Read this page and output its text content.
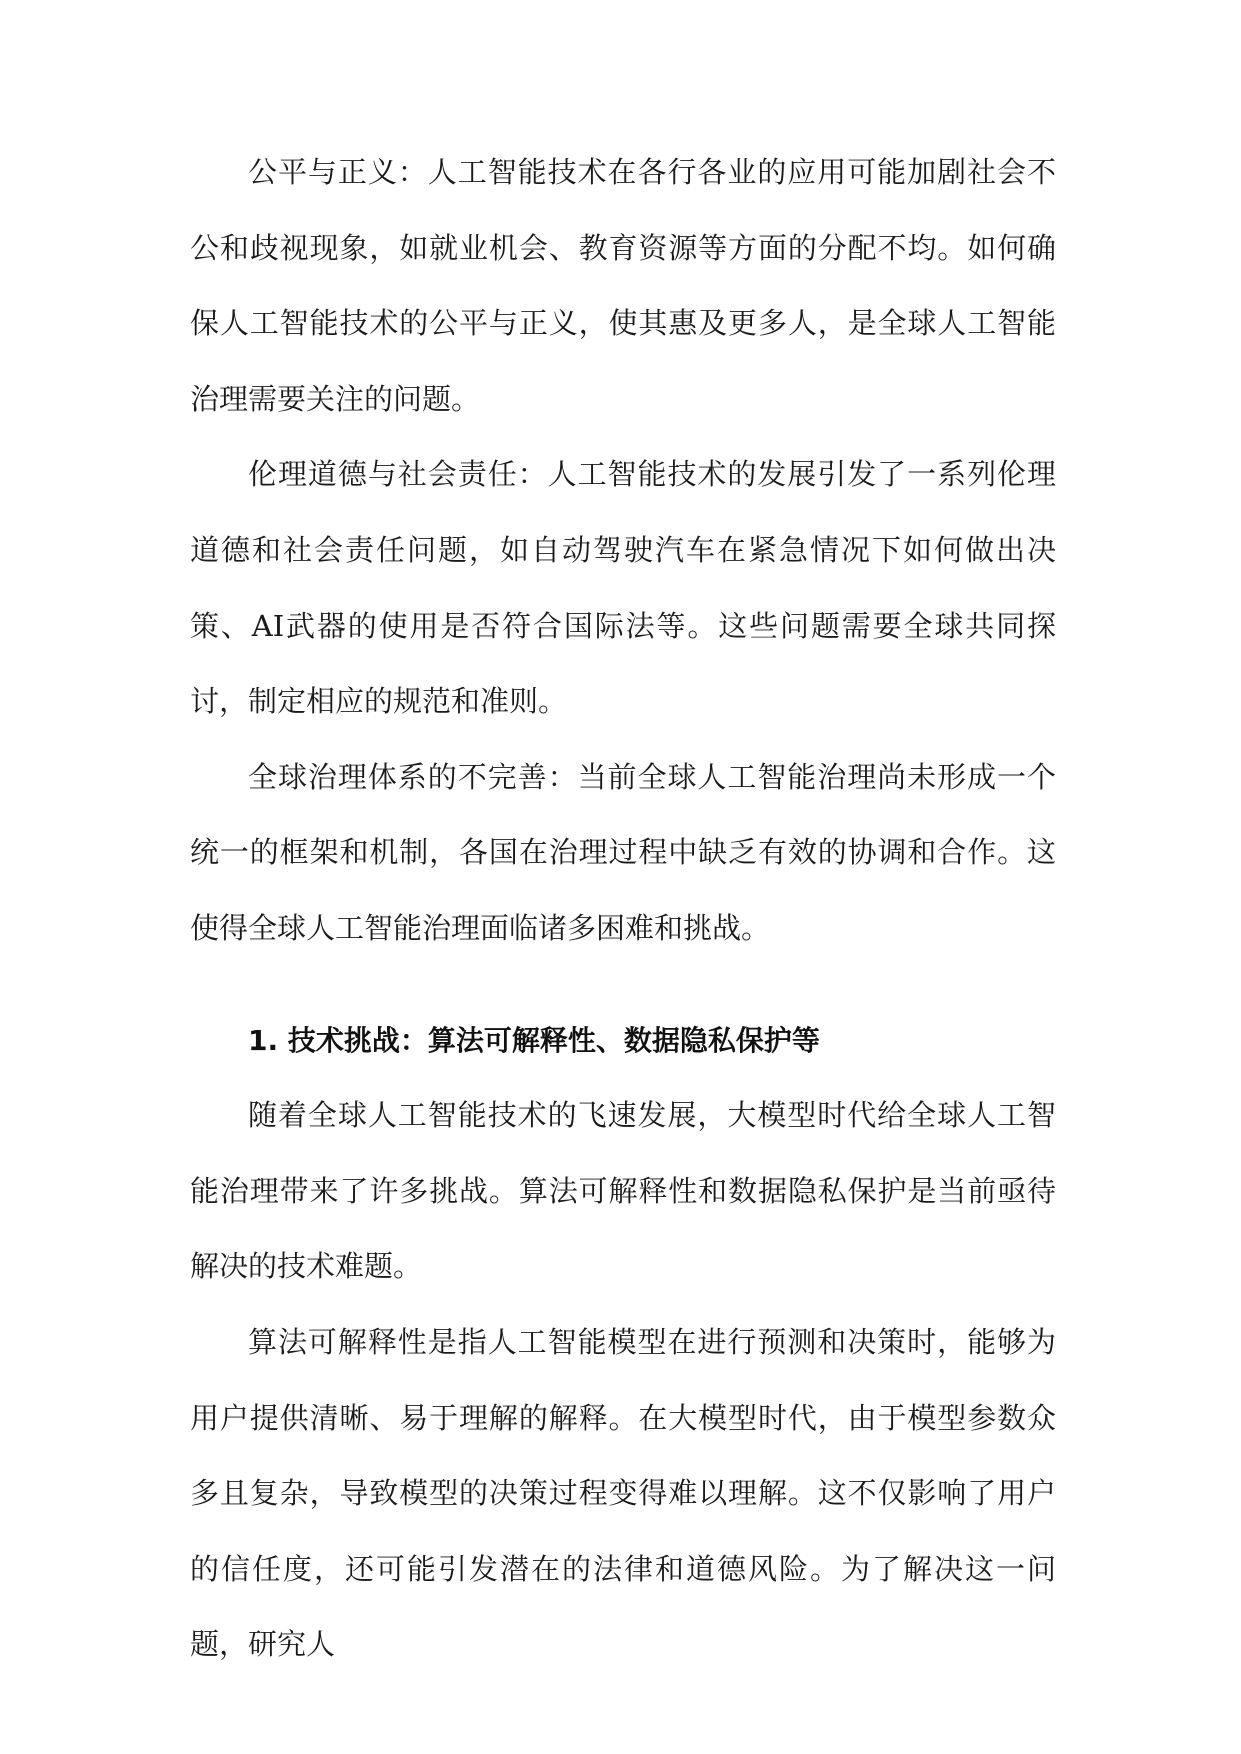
公平与正义：人工智能技术在各行各业的应用可能加剧社会不公和歧视现象，如就业机会、教育资源等方面的分配不均。如何确保人工智能技术的公平与正义，使其惠及更多人，是全球人工智能治理需要关注的问题。

伦理道德与社会责任：人工智能技术的发展引发了一系列伦理道德和社会责任问题，如自动驾驶汽车在紧急情况下如何做出决策、AI武器的使用是否符合国际法等。这些问题需要全球共同探讨，制定相应的规范和准则。

全球治理体系的不完善：当前全球人工智能治理尚未形成一个统一的框架和机制，各国在治理过程中缺乏有效的协调和合作。这使得全球人工智能治理面临诸多困难和挑战。

1. 技术挑战：算法可解释性、数据隐私保护等

随着全球人工智能技术的飞速发展，大模型时代给全球人工智能治理带来了许多挑战。算法可解释性和数据隐私保护是当前亟待解决的技术难题。

算法可解释性是指人工智能模型在进行预测和决策时，能够为用户提供清晰、易于理解的解释。在大模型时代，由于模型参数众多且复杂，导致模型的决策过程变得难以理解。这不仅影响了用户的信任度，还可能引发潜在的法律和道德风险。为了解决这一问题，研究人
